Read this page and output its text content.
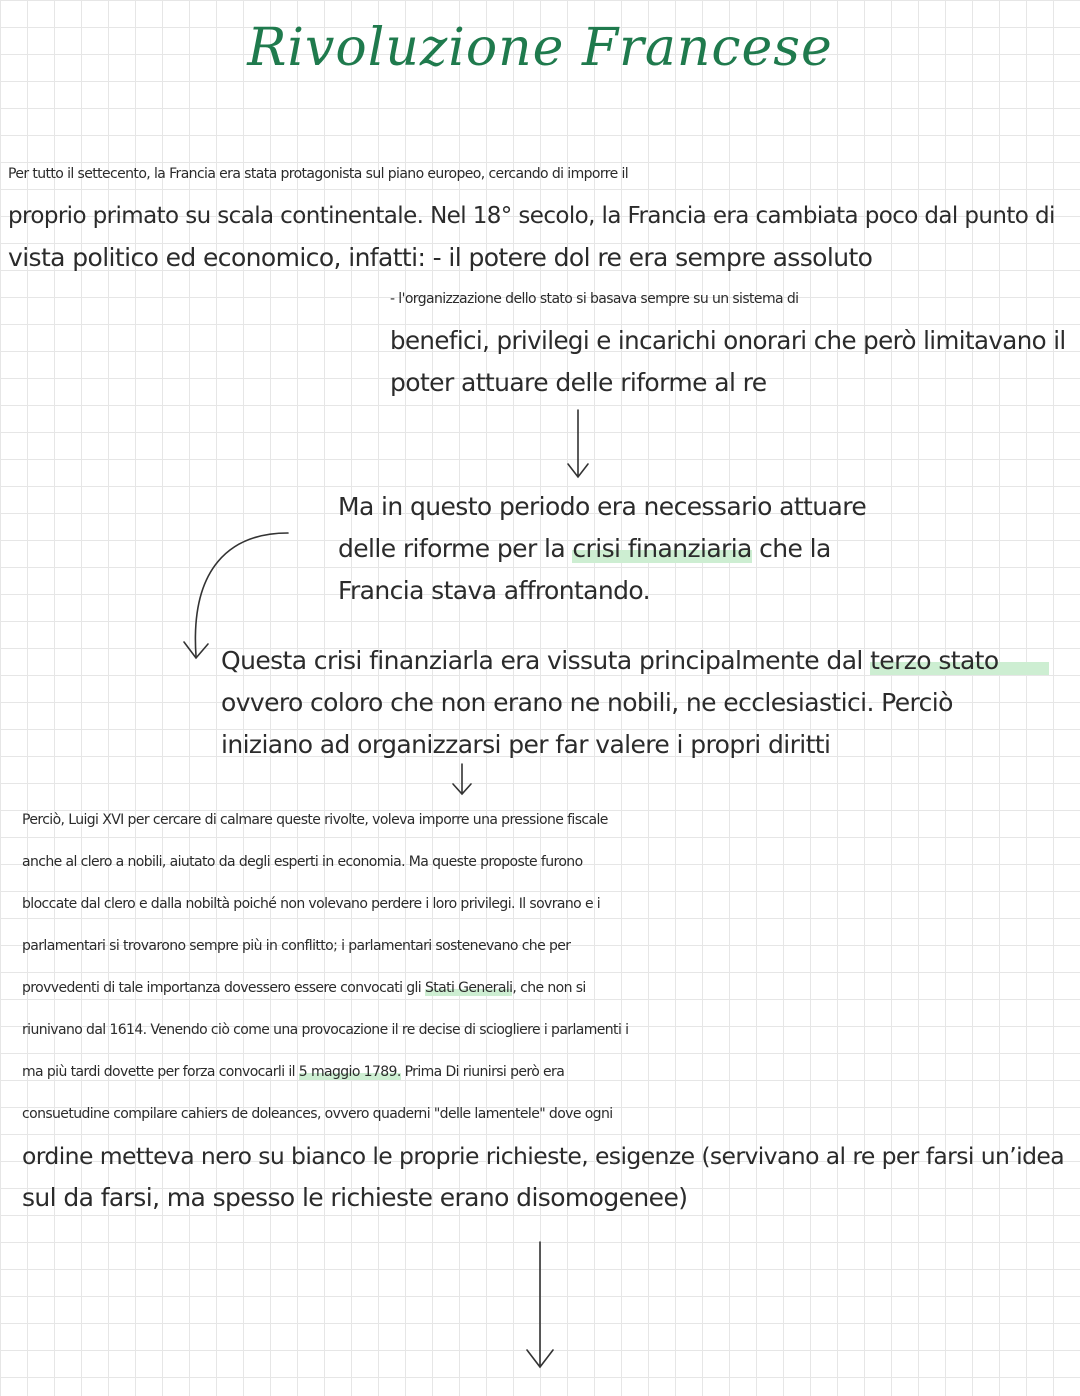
Rivoluzione Francese
Per tutto il settecento, la Francia era stata protagonista sul piano europeo, cercando di imporre il
proprio primato su scala continentale. Nel 18° secolo, la Francia era cambiata poco dal punto di
vista politico ed economico, infatti: - il potere dol re era sempre assoluto
- l'organizzazione dello stato si basava sempre su un sistema di
benefici, privilegi e incarichi onorari che però limitavano il
poter attuare delle riforme al re
Ma in questo periodo era necessario attuare
delle riforme per la crisi finanziaria che la
Francia stava affrontando.
Questa crisi finanziarla era vissuta principalmente dal terzo stato
ovvero coloro che non erano ne nobili, ne ecclesiastici. Perciò
iniziano ad organizzarsi per far valere i propri diritti
Perciò, Luigi XVI per cercare di calmare queste rivolte, voleva imporre una pressione fiscale
anche al clero a nobili, aiutato da degli esperti in economia. Ma queste proposte furono
bloccate dal clero e dalla nobiltà poiché non volevano perdere i loro privilegi. Il sovrano e i
parlamentari si trovarono sempre più in conflitto; i parlamentari sostenevano che per
provvedenti di tale importanza dovessero essere convocati gli Stati Generali, che non si
riunivano dal 1614. Venendo ciò come una provocazione il re decise di sciogliere i parlamenti i
ma più tardi dovette per forza convocarli il 5 maggio 1789. Prima Di riunirsi però era
consuetudine compilare cahiers de doleances, ovvero quaderni "delle lamentele" dove ogni
ordine metteva nero su bianco le proprie richieste, esigenze (servivano al re per farsi un’idea
sul da farsi, ma spesso le richieste erano disomogenee)
